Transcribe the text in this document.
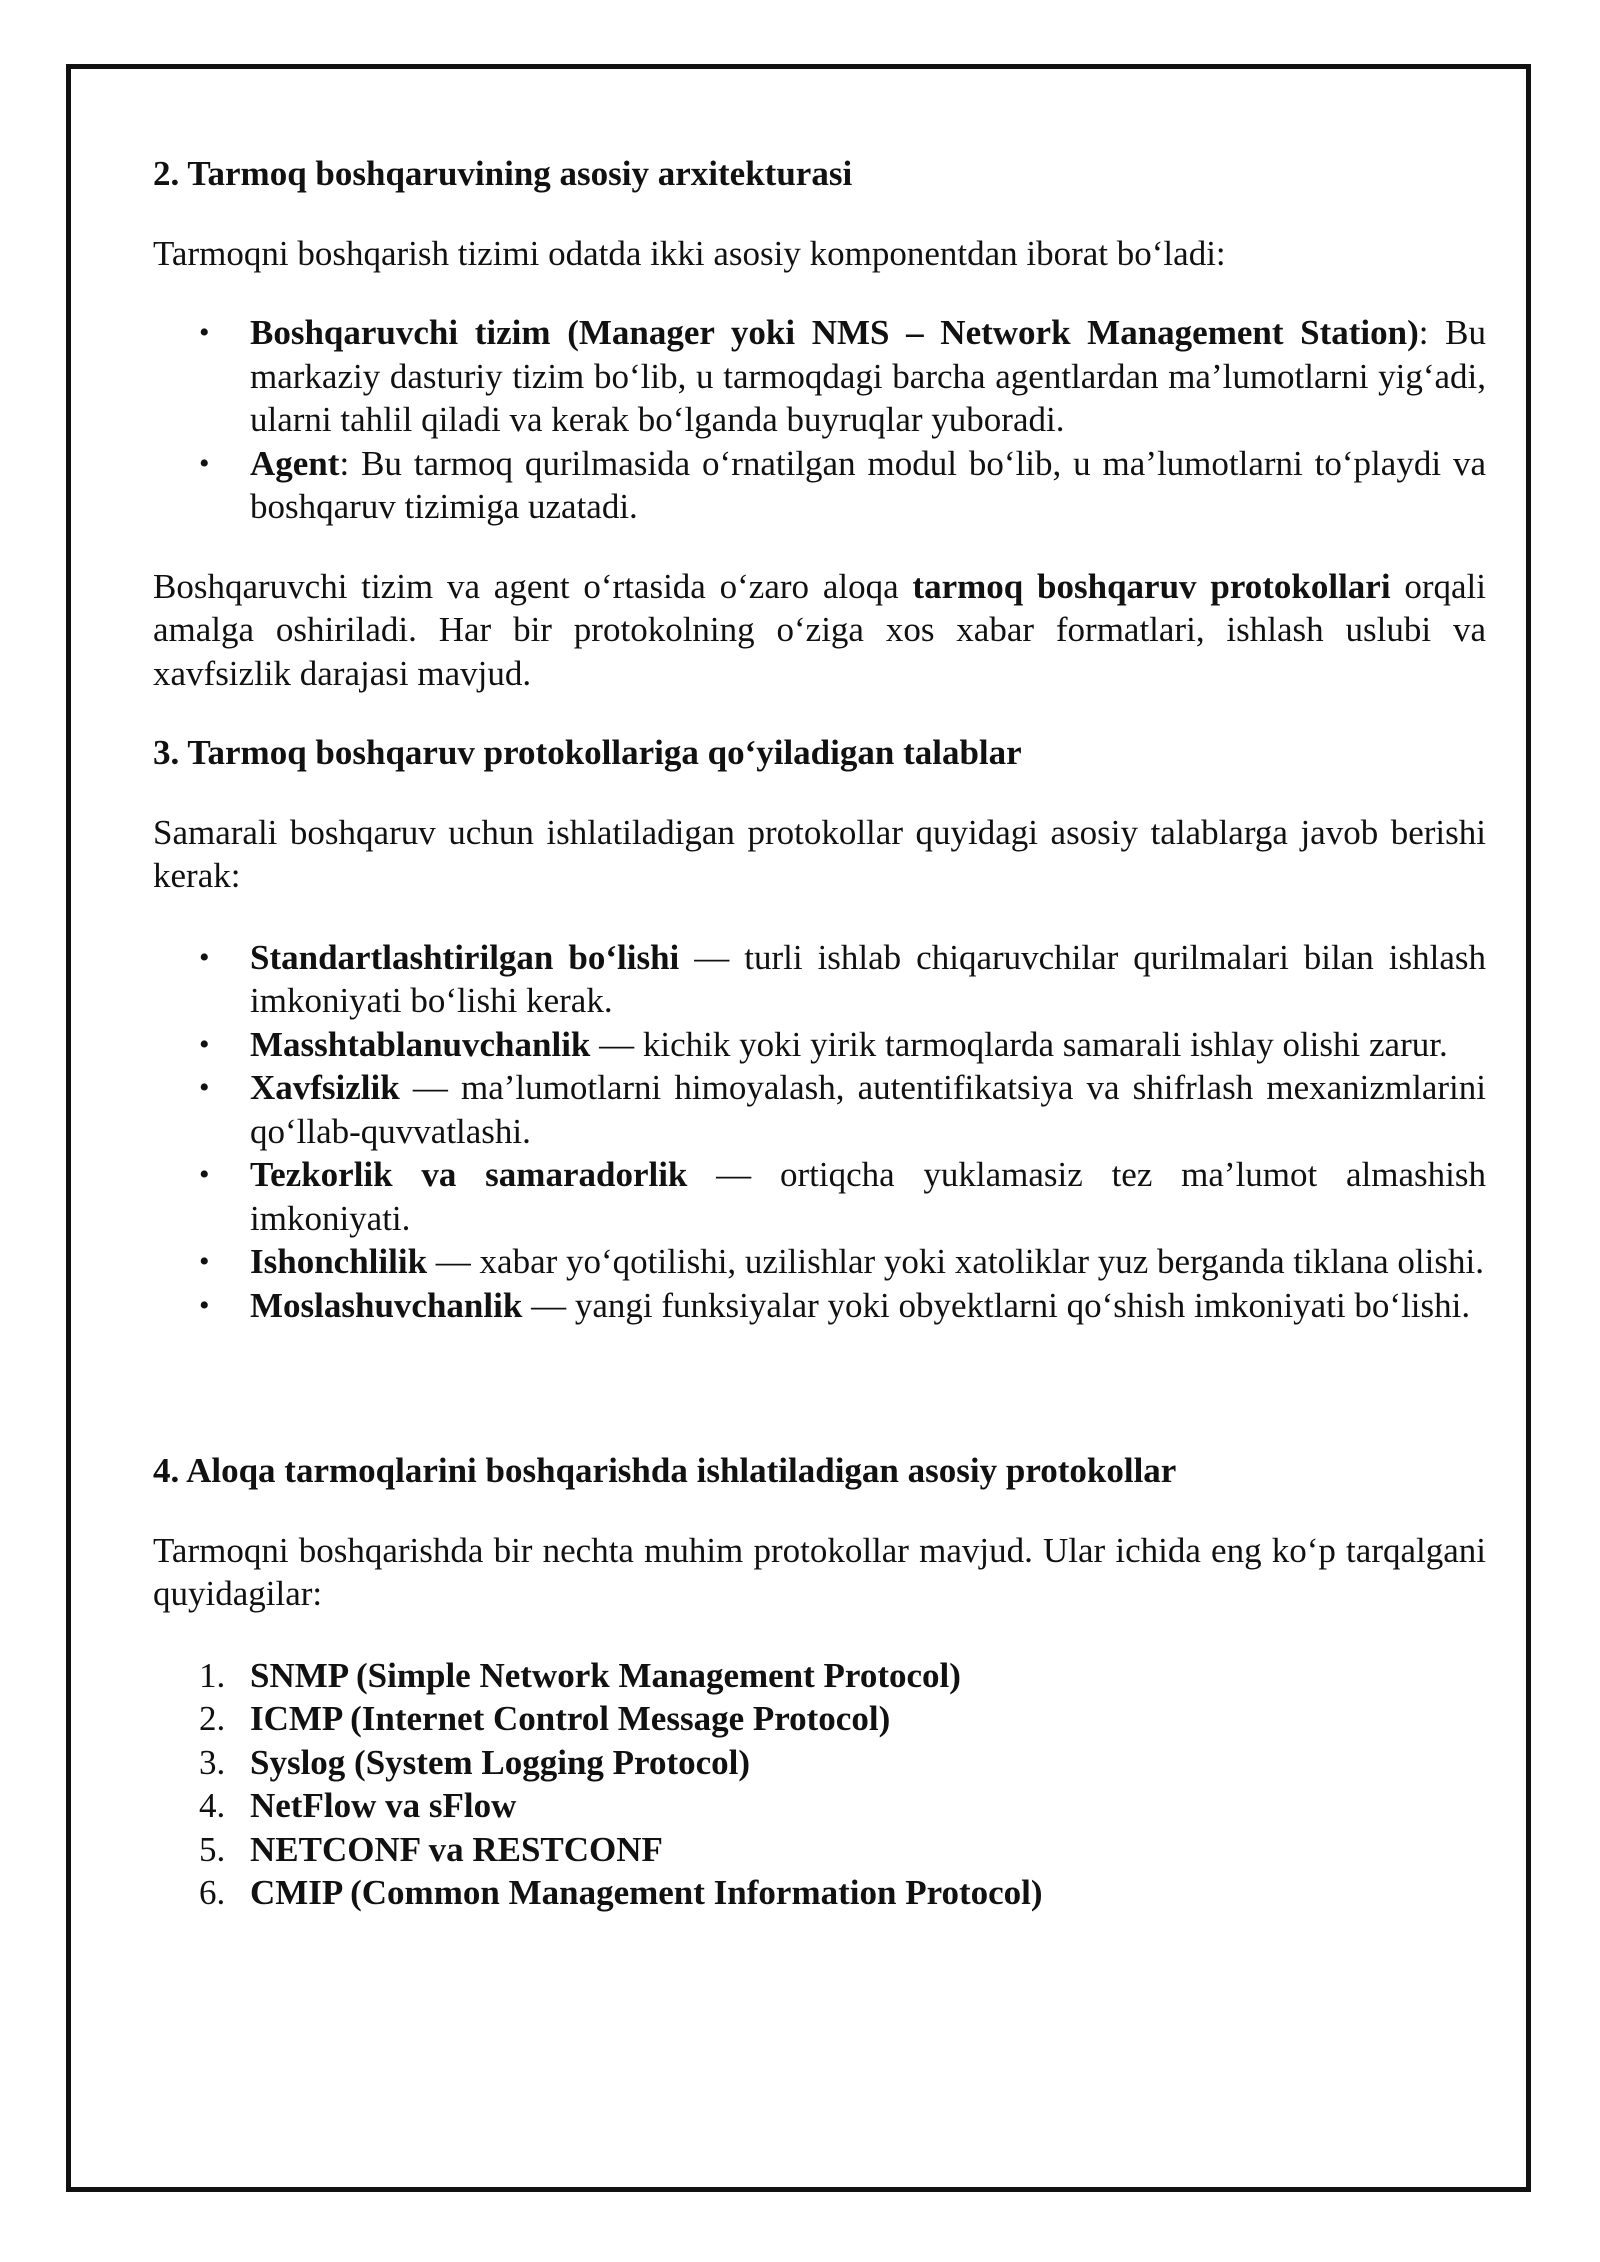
2. Tarmoq boshqaruvining asosiy arxitekturasi

Tarmoqni boshqarish tizimi odatda ikki asosiy komponentdan iborat bo‘ladi:

• Boshqaruvchi tizim (Manager yoki NMS – Network Management Station): Bu markaziy dasturiy tizim bo‘lib, u tarmoqdagi barcha agentlardan ma’lumotlarni yig‘adi, ularni tahlil qiladi va kerak bo‘lganda buyruqlar yuboradi.
• Agent: Bu tarmoq qurilmasida o‘rnatilgan modul bo‘lib, u ma’lumotlarni to‘playdi va boshqaruv tizimiga uzatadi.

Boshqaruvchi tizim va agent o‘rtasida o‘zaro aloqa tarmoq boshqaruv protokollari orqali amalga oshiriladi. Har bir protokolning o‘ziga xos xabar formatlari, ishlash uslubi va xavfsizlik darajasi mavjud.

3. Tarmoq boshqaruv protokollariga qo‘yiladigan talablar

Samarali boshqaruv uchun ishlatiladigan protokollar quyidagi asosiy talablarga javob berishi kerak:

• Standartlashtirilgan bo‘lishi — turli ishlab chiqaruvchilar qurilmalari bilan ishlash imkoniyati bo‘lishi kerak.
• Masshtablanuvchanlik — kichik yoki yirik tarmoqlarda samarali ishlay olishi zarur.
• Xavfsizlik — ma’lumotlarni himoyalash, autentifikatsiya va shifrlash mexanizmlarini qo‘llab-quvvatlashi.
• Tezkorlik va samaradorlik — ortiqcha yuklamasiz tez ma’lumot almashish imkoniyati.
• Ishonchlilik — xabar yo‘qotilishi, uzilishlar yoki xatoliklar yuz berganda tiklana olishi.
• Moslashuvchanlik — yangi funksiyalar yoki obyektlarni qo‘shish imkoniyati bo‘lishi.
4. Aloqa tarmoqlarini boshqarishda ishlatiladigan asosiy protokollar

Tarmoqni boshqarishda bir nechta muhim protokollar mavjud. Ular ichida eng ko‘p tarqalgani quyidagilar:

1. SNMP (Simple Network Management Protocol)
2. ICMP (Internet Control Message Protocol)
3. Syslog (System Logging Protocol)
4. NetFlow va sFlow
5. NETCONF va RESTCONF
6. CMIP (Common Management Information Protocol)
